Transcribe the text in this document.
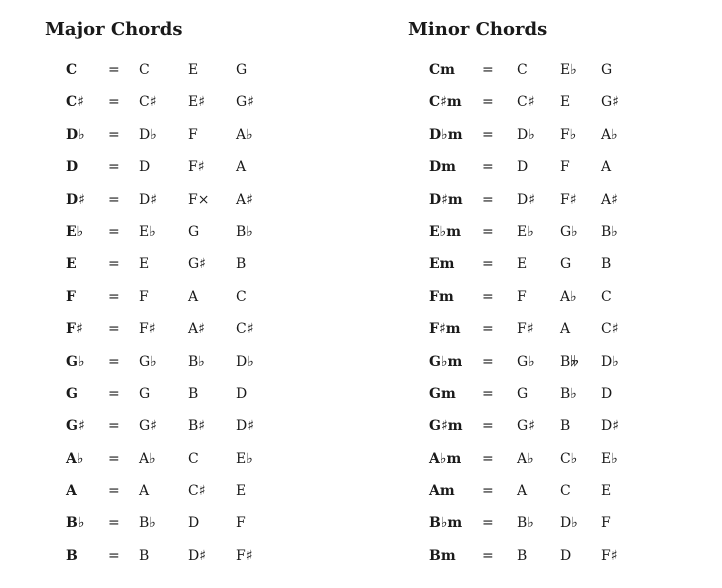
Major Chords
C = C	E	G
C♯ = C♯ E♯ G♯
D♭ = D♭ F	A♭
D = D	F♯ A
D♯ = D♯ F× A♯
E♭ = E♭ G	B♭
E = E	G♯ B
F = F	A	C
F♯ = F♯ A♯ C♯
G♭ = G♭ B♭ D♭
G = G	B	D
G♯ = G♯ B♯ D♯
A♭ = A♭ C	E♭
A = A	C♯ E
B♭ = B♭ D	F
B = B	D♯ F♯
Minor Chords
Cm = C E♭ G
C♯m = C♯ E G♯
D♭m = D♭ F♭ A♭
Dm = D F A
D♯m = D♯ F♯ A♯
E♭m = E♭ G♭ B♭
Em = E G B
Fm = F A♭ C
F♯m = F♯ A C♯
G♭m = G♭ B𝄫 D♭
Gm = G B♭ D
G♯m = G♯ B D♯
A♭m = A♭ C♭ E♭
Am = A C E
B♭m = B♭ D♭ F
Bm = B D F♯
